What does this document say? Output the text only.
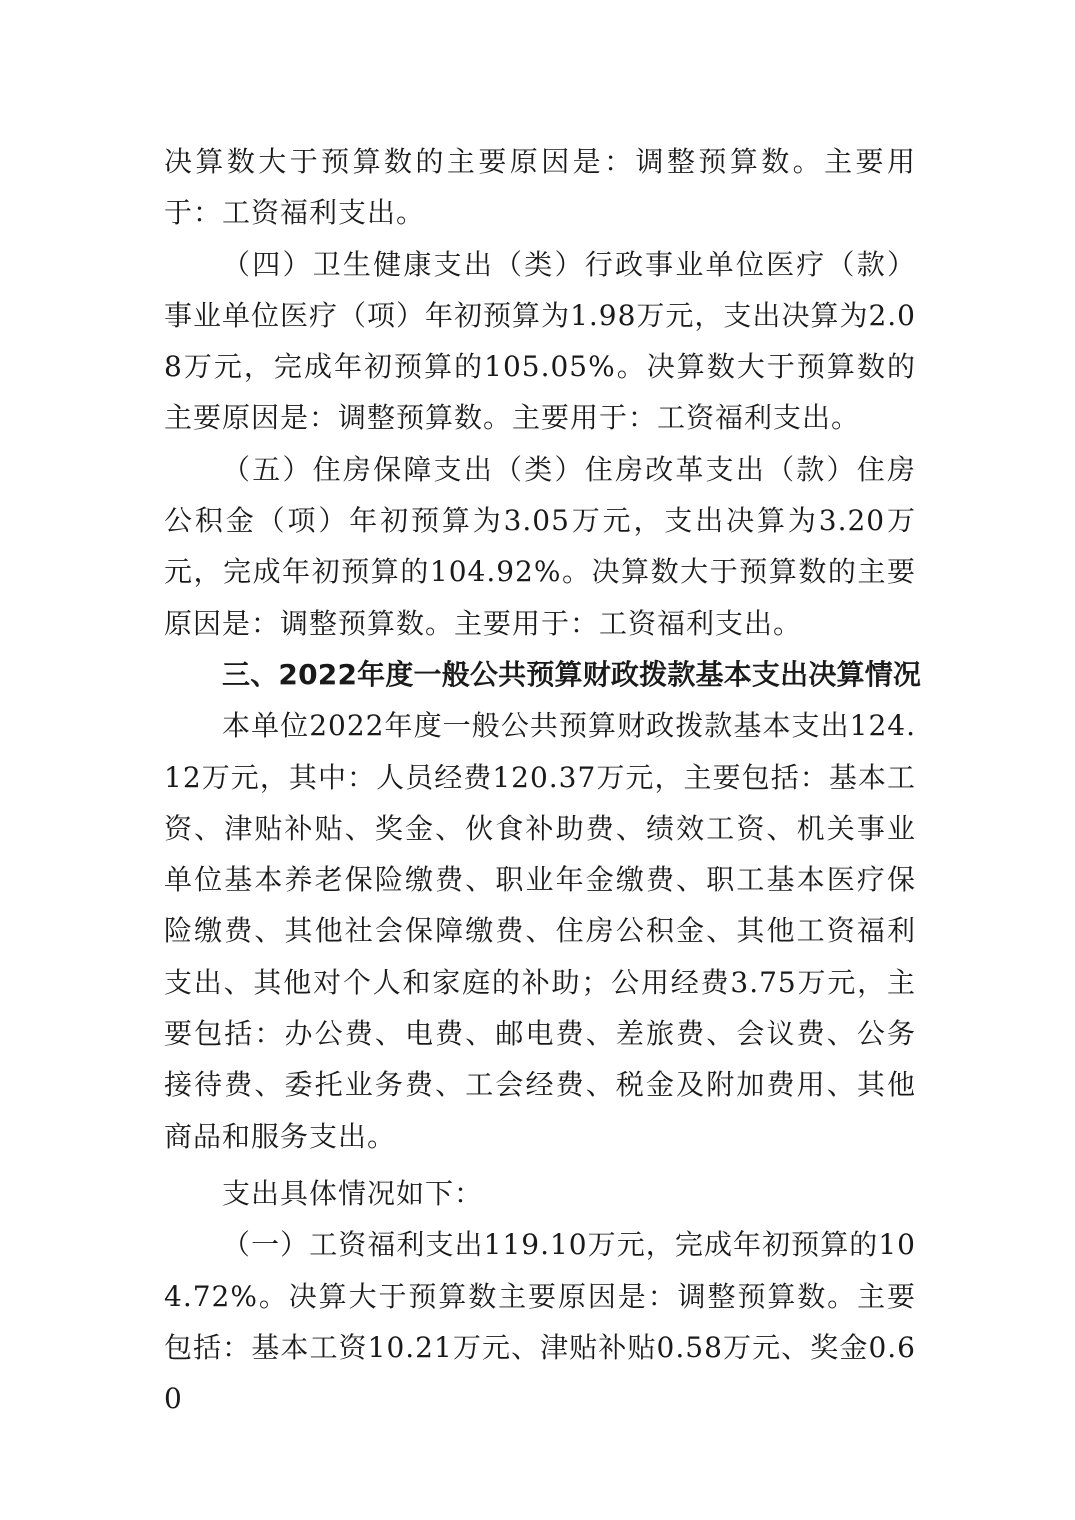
决算数大于预算数的主要原因是：调整预算数。主要用于：工资福利支出。

（四）卫生健康支出（类）行政事业单位医疗（款）事业单位医疗（项）年初预算为1.98万元，支出决算为2.08万元，完成年初预算的105.05%。决算数大于预算数的主要原因是：调整预算数。主要用于：工资福利支出。

（五）住房保障支出（类）住房改革支出（款）住房公积金（项）年初预算为3.05万元，支出决算为3.20万元，完成年初预算的104.92%。决算数大于预算数的主要原因是：调整预算数。主要用于：工资福利支出。

三、2022年度一般公共预算财政拨款基本支出决算情况

本单位2022年度一般公共预算财政拨款基本支出124.12万元，其中：人员经费120.37万元，主要包括：基本工资、津贴补贴、奖金、伙食补助费、绩效工资、机关事业单位基本养老保险缴费、职业年金缴费、职工基本医疗保险缴费、其他社会保障缴费、住房公积金、其他工资福利支出、其他对个人和家庭的补助；公用经费3.75万元，主要包括：办公费、电费、邮电费、差旅费、会议费、公务接待费、委托业务费、工会经费、税金及附加费用、其他商品和服务支出。

支出具体情况如下：

（一）工资福利支出119.10万元，完成年初预算的104.72%。决算大于预算数主要原因是：调整预算数。主要包括：基本工资10.21万元、津贴补贴0.58万元、奖金0.60
